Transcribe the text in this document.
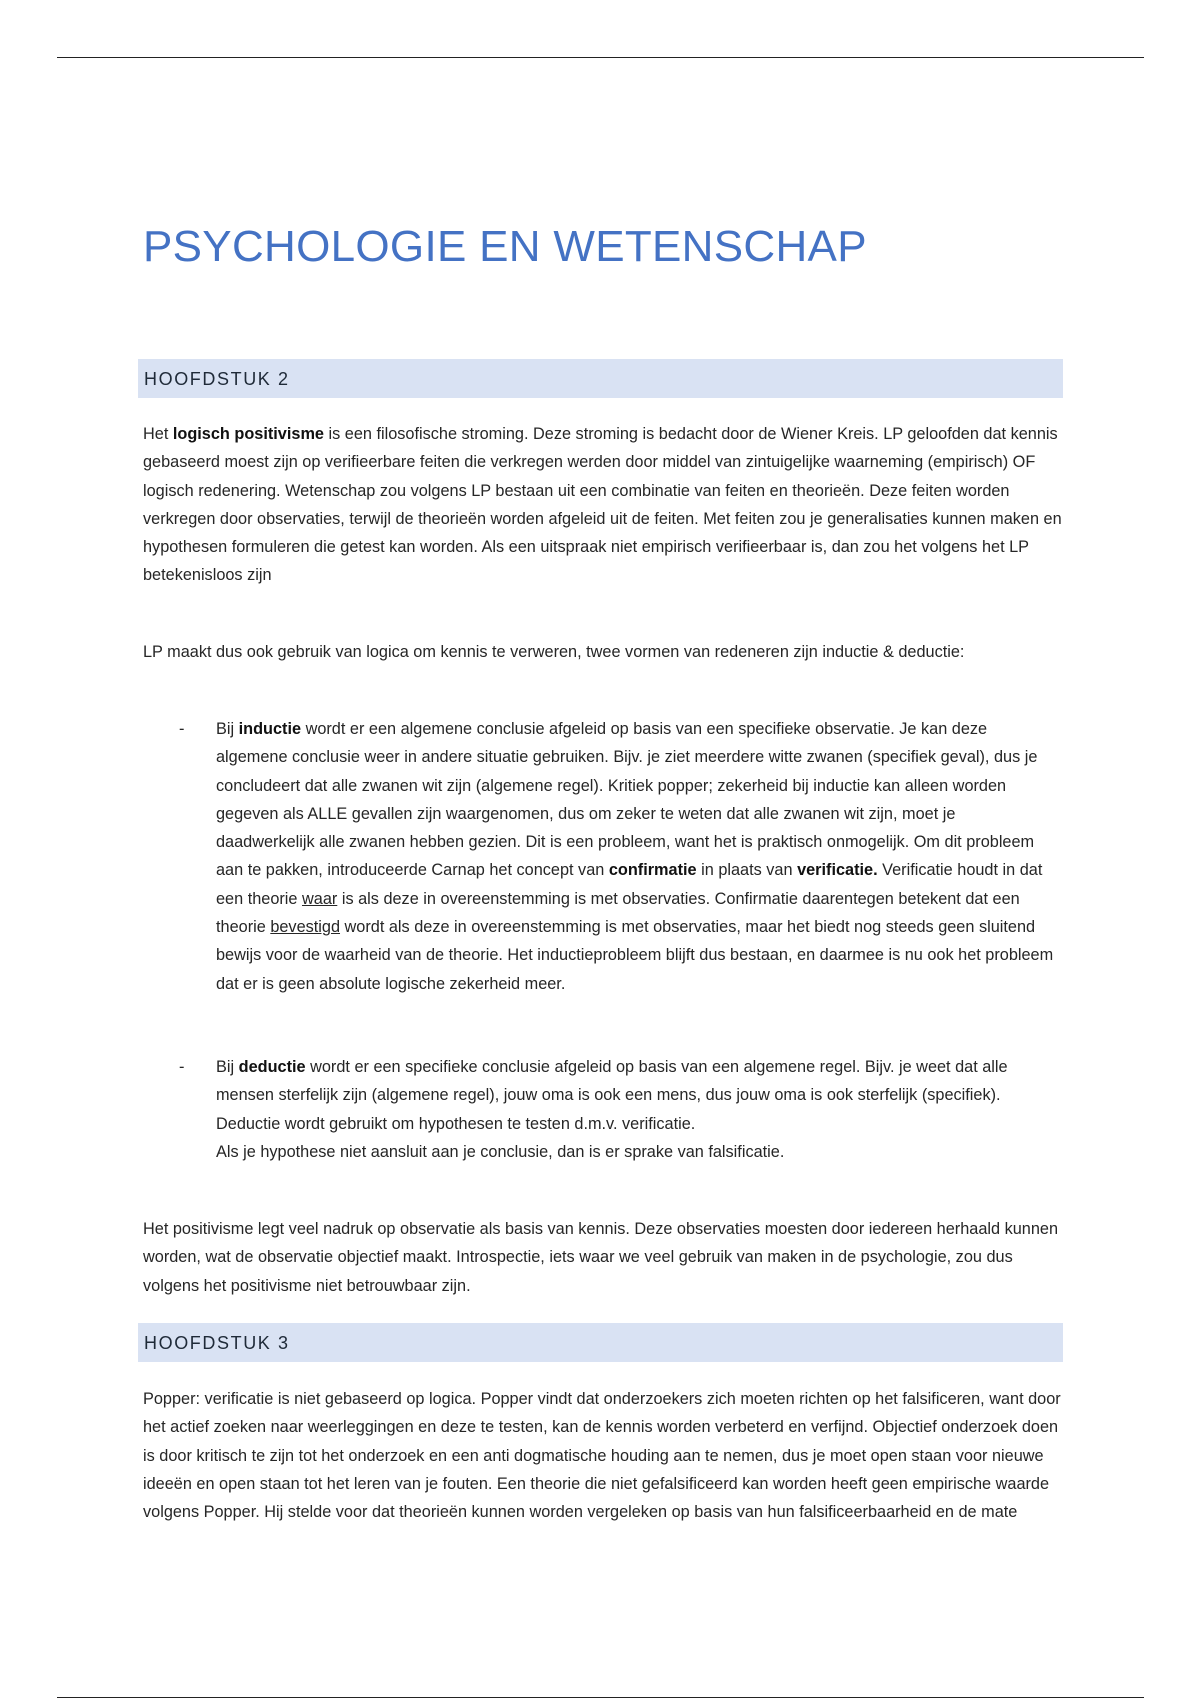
PSYCHOLOGIE EN WETENSCHAP
HOOFDSTUK 2

Het logisch positivisme is een filosofische stroming. Deze stroming is bedacht door de Wiener Kreis. LP geloofden dat kennis gebaseerd moest zijn op verifieerbare feiten die verkregen werden door middel van zintuigelijke waarneming (empirisch) OF logisch redenering. Wetenschap zou volgens LP bestaan uit een combinatie van feiten en theorieën. Deze feiten worden verkregen door observaties, terwijl de theorieën worden afgeleid uit de feiten. Met feiten zou je generalisaties kunnen maken en hypothesen formuleren die getest kan worden. Als een uitspraak niet empirisch verifieerbaar is, dan zou het volgens het LP betekenisloos zijn

LP maakt dus ook gebruik van logica om kennis te verweren, twee vormen van redeneren zijn inductie & deductie:

- Bij inductie wordt er een algemene conclusie afgeleid op basis van een specifieke observatie. Je kan deze algemene conclusie weer in andere situatie gebruiken. Bijv. je ziet meerdere witte zwanen (specifiek geval), dus je concludeert dat alle zwanen wit zijn (algemene regel). Kritiek popper; zekerheid bij inductie kan alleen worden gegeven als ALLE gevallen zijn waargenomen, dus om zeker te weten dat alle zwanen wit zijn, moet je daadwerkelijk alle zwanen hebben gezien. Dit is een probleem, want het is praktisch onmogelijk. Om dit probleem aan te pakken, introduceerde Carnap het concept van confirmatie in plaats van verificatie. Verificatie houdt in dat een theorie waar is als deze in overeenstemming is met observaties. Confirmatie daarentegen betekent dat een theorie bevestigd wordt als deze in overeenstemming is met observaties, maar het biedt nog steeds geen sluitend bewijs voor de waarheid van de theorie. Het inductieprobleem blijft dus bestaan, en daarmee is nu ook het probleem dat er is geen absolute logische zekerheid meer.
- Bij deductie wordt er een specifieke conclusie afgeleid op basis van een algemene regel. Bijv. je weet dat alle mensen sterfelijk zijn (algemene regel), jouw oma is ook een mens, dus jouw oma is ook sterfelijk (specifiek). Deductie wordt gebruikt om hypothesen te testen d.m.v. verificatie.
Als je hypothese niet aansluit aan je conclusie, dan is er sprake van falsificatie.

Het positivisme legt veel nadruk op observatie als basis van kennis. Deze observaties moesten door iedereen herhaald kunnen worden, wat de observatie objectief maakt. Introspectie, iets waar we veel gebruik van maken in de psychologie, zou dus volgens het positivisme niet betrouwbaar zijn.

HOOFDSTUK 3

Popper: verificatie is niet gebaseerd op logica. Popper vindt dat onderzoekers zich moeten richten op het falsificeren, want door het actief zoeken naar weerleggingen en deze te testen, kan de kennis worden verbeterd en verfijnd. Objectief onderzoek doen is door kritisch te zijn tot het onderzoek en een anti dogmatische houding aan te nemen, dus je moet open staan voor nieuwe ideeën en open staan tot het leren van je fouten. Een theorie die niet gefalsificeerd kan worden heeft geen empirische waarde volgens Popper. Hij stelde voor dat theorieën kunnen worden vergeleken op basis van hun falsificeerbaarheid en de mate
